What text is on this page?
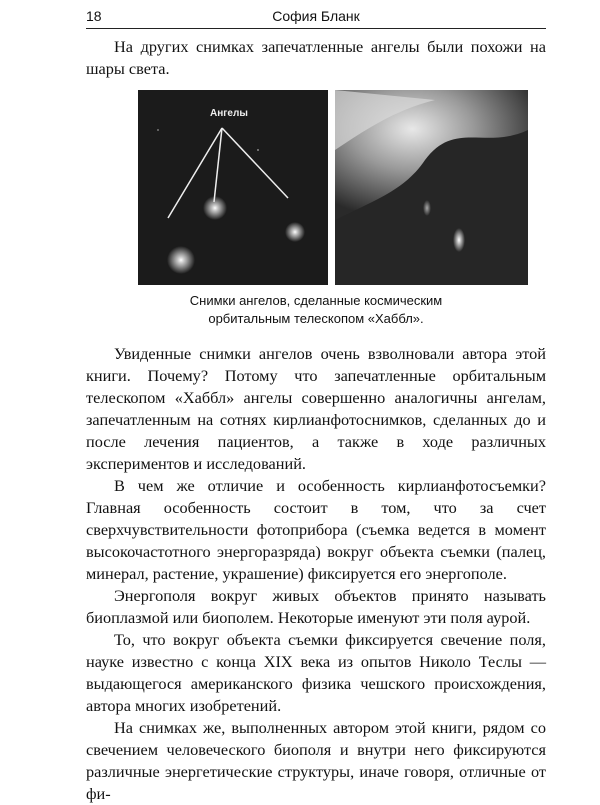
18	София Бланк

На других снимках запечатленные ангелы были похожи на шары света.

Ангелы
Снимки ангелов, сделанные космическим
орбитальным телескопом «Хаббл».

Увиденные снимки ангелов очень взволновали автора этой книги. Почему? Потому что запечатленные орбитальным телескопом «Хаббл» ангелы совершенно аналогичны ангелам, запечатленным на сотнях кирлианфотоснимков, сделанных до и после лечения пациентов, а также в ходе различных экспериментов и исследований.

В чем же отличие и особенность кирлианфотосъемки? Главная особенность состоит в том, что за счет сверхчувствительности фотоприбора (съемка ведется в момент высокочастотного энергоразряда) вокруг объекта съемки (палец, минерал, растение, украшение) фиксируется его энергополе.

Энергополя вокруг живых объектов принято называть биоплазмой или биополем. Некоторые именуют эти поля аурой.

То, что вокруг объекта съемки фиксируется свечение поля, науке известно с конца XIX века из опытов Николо Теслы — выдающегося американского физика чешского происхождения, автора многих изобретений.

На снимках же, выполненных автором этой книги, рядом со свечением человеческого биополя и внутри него фиксируются различные энергетические структуры, иначе говоря, отличные от фи-
